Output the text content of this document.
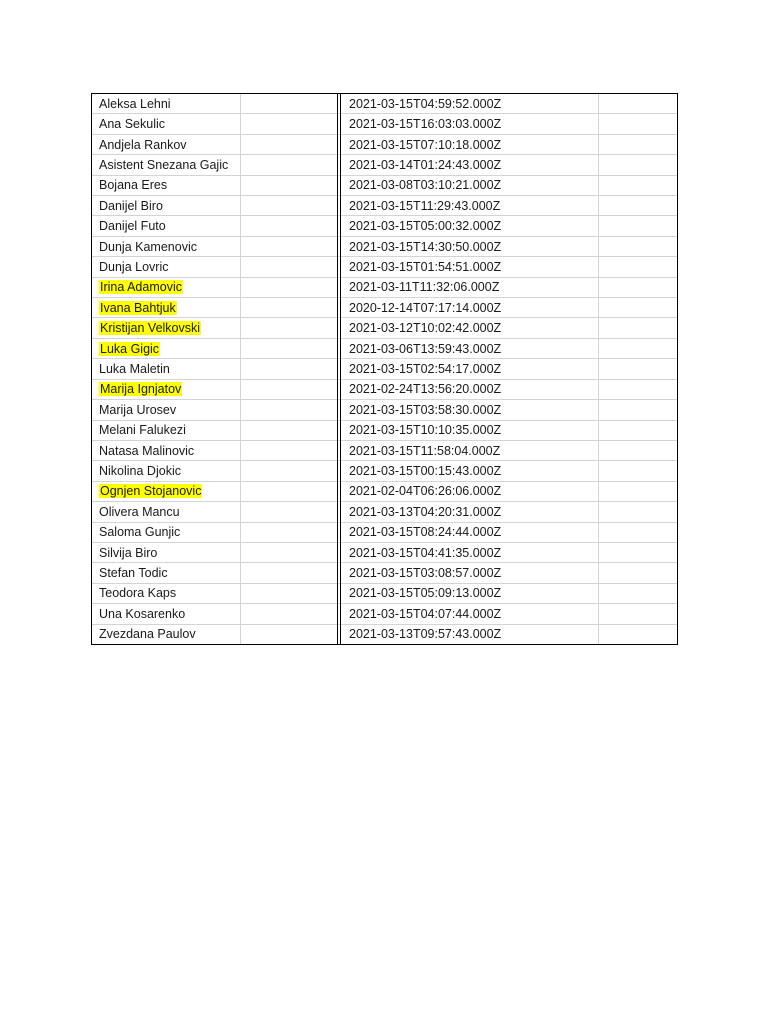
Aleksa Lehni			2021-03-15T04:59:52.000Z	
Ana Sekulic			2021-03-15T16:03:03.000Z	
Andjela Rankov			2021-03-15T07:10:18.000Z	
Asistent Snezana Gajic			2021-03-14T01:24:43.000Z	
Bojana Eres			2021-03-08T03:10:21.000Z	
Danijel Biro			2021-03-15T11:29:43.000Z	
Danijel Futo			2021-03-15T05:00:32.000Z	
Dunja Kamenovic			2021-03-15T14:30:50.000Z	
Dunja Lovric			2021-03-15T01:54:51.000Z	
Irina Adamovic			2021-03-11T11:32:06.000Z	
Ivana Bahtjuk			2020-12-14T07:17:14.000Z	
Kristijan Velkovski			2021-03-12T10:02:42.000Z	
Luka Gigic			2021-03-06T13:59:43.000Z	
Luka Maletin			2021-03-15T02:54:17.000Z	
Marija Ignjatov			2021-02-24T13:56:20.000Z	
Marija Urosev			2021-03-15T03:58:30.000Z	
Melani Falukezi			2021-03-15T10:10:35.000Z	
Natasa Malinovic			2021-03-15T11:58:04.000Z	
Nikolina Djokic			2021-03-15T00:15:43.000Z	
Ognjen Stojanovic			2021-02-04T06:26:06.000Z	
Olivera Mancu			2021-03-13T04:20:31.000Z	
Saloma Gunjic			2021-03-15T08:24:44.000Z	
Silvija Biro			2021-03-15T04:41:35.000Z	
Stefan Todic			2021-03-15T03:08:57.000Z	
Teodora Kaps			2021-03-15T05:09:13.000Z	
Una Kosarenko			2021-03-15T04:07:44.000Z	
Zvezdana Paulov			2021-03-13T09:57:43.000Z	
